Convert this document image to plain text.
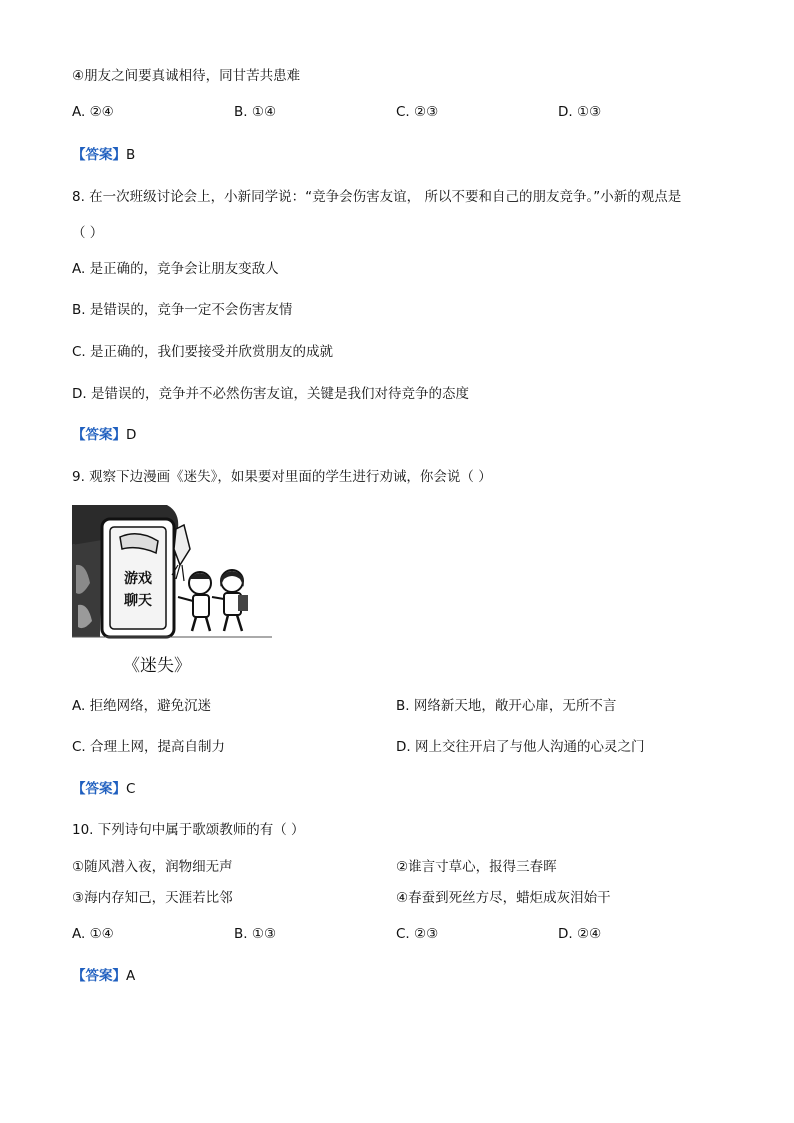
④朋友之间要真诚相待，同甘苦共患难
A. ②④	B. ①④	C. ②③	D. ①③
【答案】B
8. 在一次班级讨论会上，小新同学说：“竞争会伤害友谊， 所以不要和自己的朋友竞争。”小新的观点是
（ ）
A. 是正确的，竞争会让朋友变敌人
B. 是错误的，竞争一定不会伤害友情
C. 是正确的，我们要接受并欣赏朋友的成就
D. 是错误的，竞争并不必然伤害友谊，关键是我们对待竞争的态度
【答案】D
9. 观察下边漫画《迷失》，如果要对里面的学生进行劝诫，你会说（ ）
游戏
聊天
《迷失》
A. 拒绝网络，避免沉迷	B. 网络新天地，敞开心扉，无所不言
C. 合理上网，提高自制力	D. 网上交往开启了与他人沟通的心灵之门
【答案】C
10. 下列诗句中属于歌颂教师的有（ ）
①随风潜入夜，润物细无声	②谁言寸草心，报得三春晖
③海内存知己，天涯若比邻	④春蚕到死丝方尽，蜡炬成灰泪始干
A. ①④	B. ①③	C. ②③	D. ②④
【答案】A
